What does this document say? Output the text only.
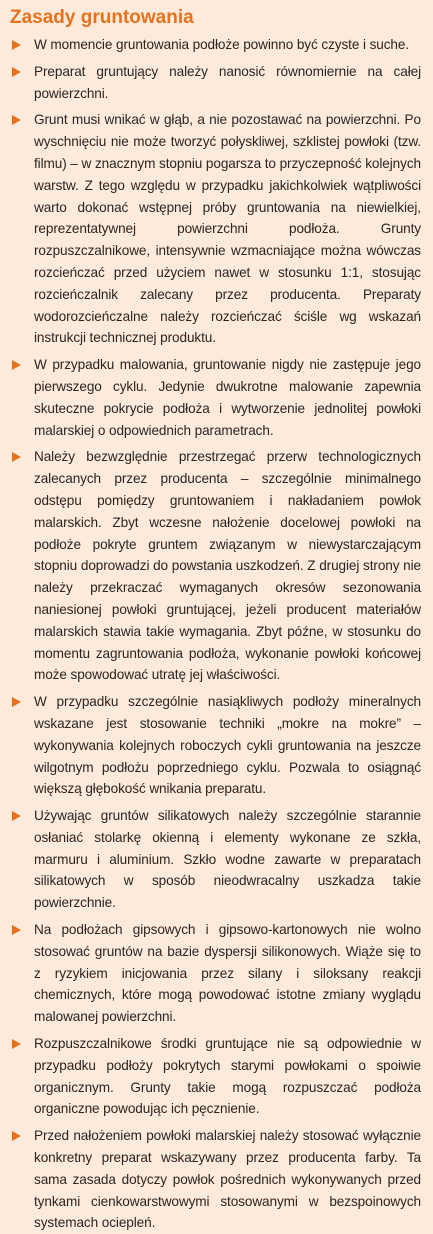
Zasady gruntowania
W momencie gruntowania podłoże powinno być czyste i suche.
Preparat gruntujący należy nanosić równomiernie na całej powierzchni.
Grunt musi wnikać w głąb, a nie pozostawać na powierzchni. Po wyschnięciu nie może tworzyć połyskliwej, szklistej powłoki (tzw. filmu) – w znacznym stopniu pogarsza to przyczepność kolejnych warstw. Z tego względu w przypadku jakichkolwiek wątpliwości warto dokonać wstępnej próby gruntowania na niewielkiej, reprezentatywnej powierzchni podłoża. Grunty rozpuszczalnikowe, intensywnie wzmacniające można wówczas rozcieńczać przed użyciem nawet w stosunku 1:1, stosując rozcieńczalnik zalecany przez producenta. Preparaty wodorozcieńczalne należy rozcieńczać ściśle wg wskazań instrukcji technicznej produktu.
W przypadku malowania, gruntowanie nigdy nie zastępuje jego pierwszego cyklu. Jedynie dwukrotne malowanie zapewnia skuteczne pokrycie podłoża i wytworzenie jednolitej powłoki malarskiej o odpowiednich parametrach.
Należy bezwzględnie przestrzegać przerw technologicznych zalecanych przez producenta – szczególnie minimalnego odstępu pomiędzy gruntowaniem i nakładaniem powłok malarskich. Zbyt wczesne nałożenie docelowej powłoki na podłoże pokryte gruntem związanym w niewystarczającym stopniu doprowadzi do powstania uszkodzeń. Z drugiej strony nie należy przekraczać wymaganych okresów sezonowania naniesionej powłoki gruntującej, jeżeli producent materiałów malarskich stawia takie wymagania. Zbyt późne, w stosunku do momentu zagruntowania podłoża, wykonanie powłoki końcowej może spowodować utratę jej właściwości.
W przypadku szczególnie nasiąkliwych podłoży mineralnych wskazane jest stosowanie techniki „mokre na mokre” – wykonywania kolejnych roboczych cykli gruntowania na jeszcze wilgotnym podłożu poprzedniego cyklu. Pozwala to osiągnąć większą głębokość wnikania preparatu.
Używając gruntów silikatowych należy szczególnie starannie osłaniać stolarkę okienną i elementy wykonane ze szkła, marmuru i aluminium. Szkło wodne zawarte w preparatach silikatowych w sposób nieodwracalny uszkadza takie powierzchnie.
Na podłożach gipsowych i gipsowo-kartonowych nie wolno stosować gruntów na bazie dyspersji silikonowych. Wiąże się to z ryzykiem inicjowania przez silany i siloksany reakcji chemicznych, które mogą powodować istotne zmiany wyglądu malowanej powierzchni.
Rozpuszczalnikowe środki gruntujące nie są odpowiednie w przypadku podłoży pokrytych starymi powłokami o spoiwie organicznym. Grunty takie mogą rozpuszczać podłoża organiczne powodując ich pęcznienie.
Przed nałożeniem powłoki malarskiej należy stosować wyłącznie konkretny preparat wskazywany przez producenta farby. Ta sama zasada dotyczy powłok pośrednich wykonywanych przed tynkami cienkowarstwowymi stosowanymi w bezspoinowych systemach ociepleń.
